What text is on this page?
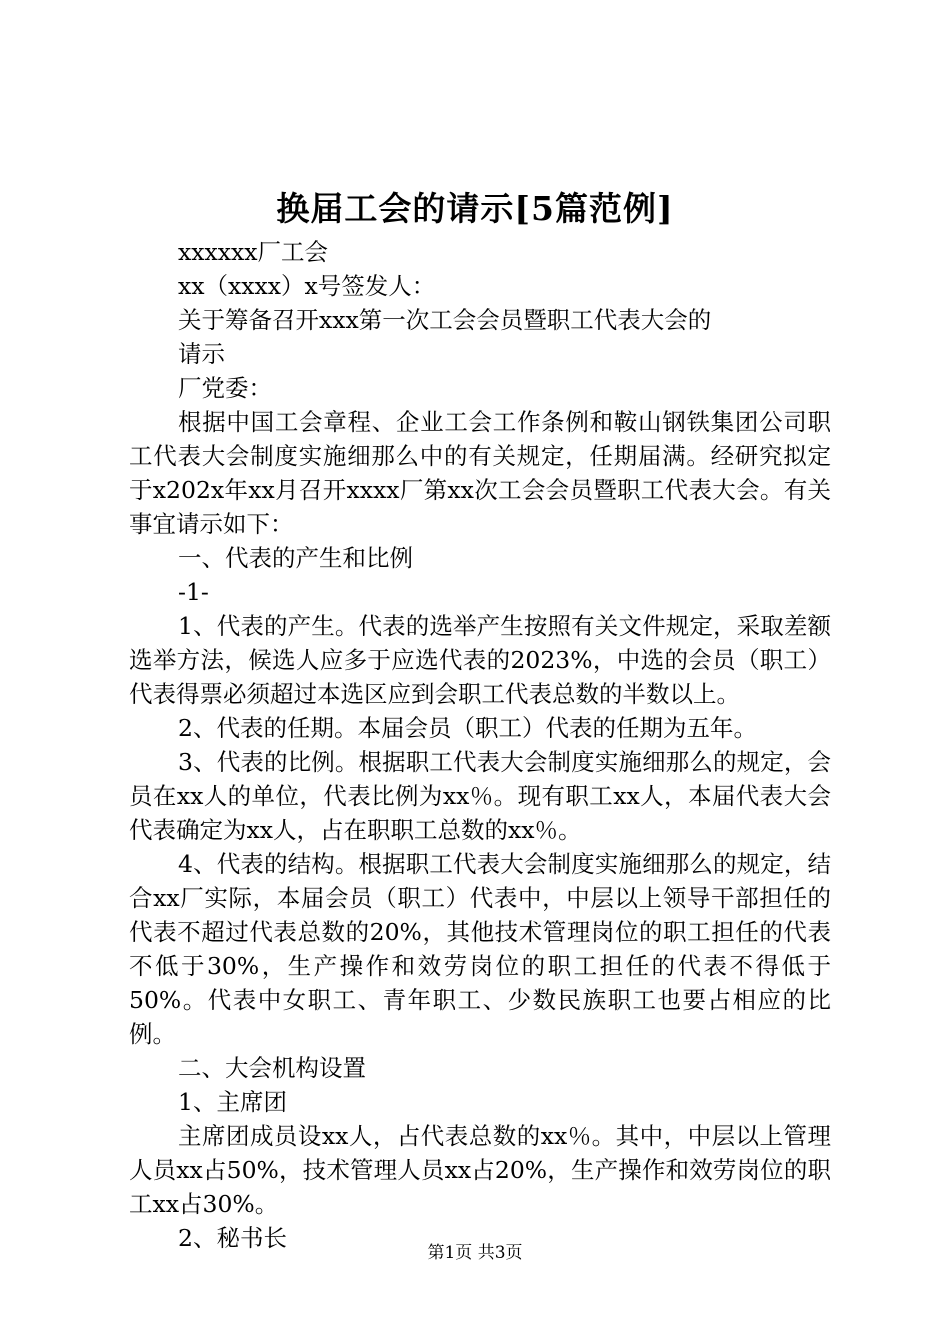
换届工会的请示[5篇范例]

xxxxxx厂工会

xx（xxxx）x号签发人：

关于筹备召开xxx第一次工会会员暨职工代表大会的

请示

厂党委：

根据中国工会章程、企业工会工作条例和鞍山钢铁集团公司职工代表大会制度实施细那么中的有关规定，任期届满。经研究拟定于x202x年xx月召开xxxx厂第xx次工会会员暨职工代表大会。有关事宜请示如下：

一、代表的产生和比例

-1-

1、代表的产生。代表的选举产生按照有关文件规定，采取差额选举方法，候选人应多于应选代表的2023%，中选的会员（职工）代表得票必须超过本选区应到会职工代表总数的半数以上。

2、代表的任期。本届会员（职工）代表的任期为五年。

3、代表的比例。根据职工代表大会制度实施细那么的规定，会员在xx人的单位，代表比例为xx％。现有职工xx人，本届代表大会代表确定为xx人，占在职职工总数的xx％。

4、代表的结构。根据职工代表大会制度实施细那么的规定，结合xx厂实际，本届会员（职工）代表中，中层以上领导干部担任的代表不超过代表总数的20%，其他技术管理岗位的职工担任的代表不低于30%，生产操作和效劳岗位的职工担任的代表不得低于50%。代表中女职工、青年职工、少数民族职工也要占相应的比例。

二、大会机构设置

1、主席团

主席团成员设xx人，占代表总数的xx％。其中，中层以上管理人员xx占50%，技术管理人员xx占20%，生产操作和效劳岗位的职工xx占30%。

2、秘书长

第1页 共3页
